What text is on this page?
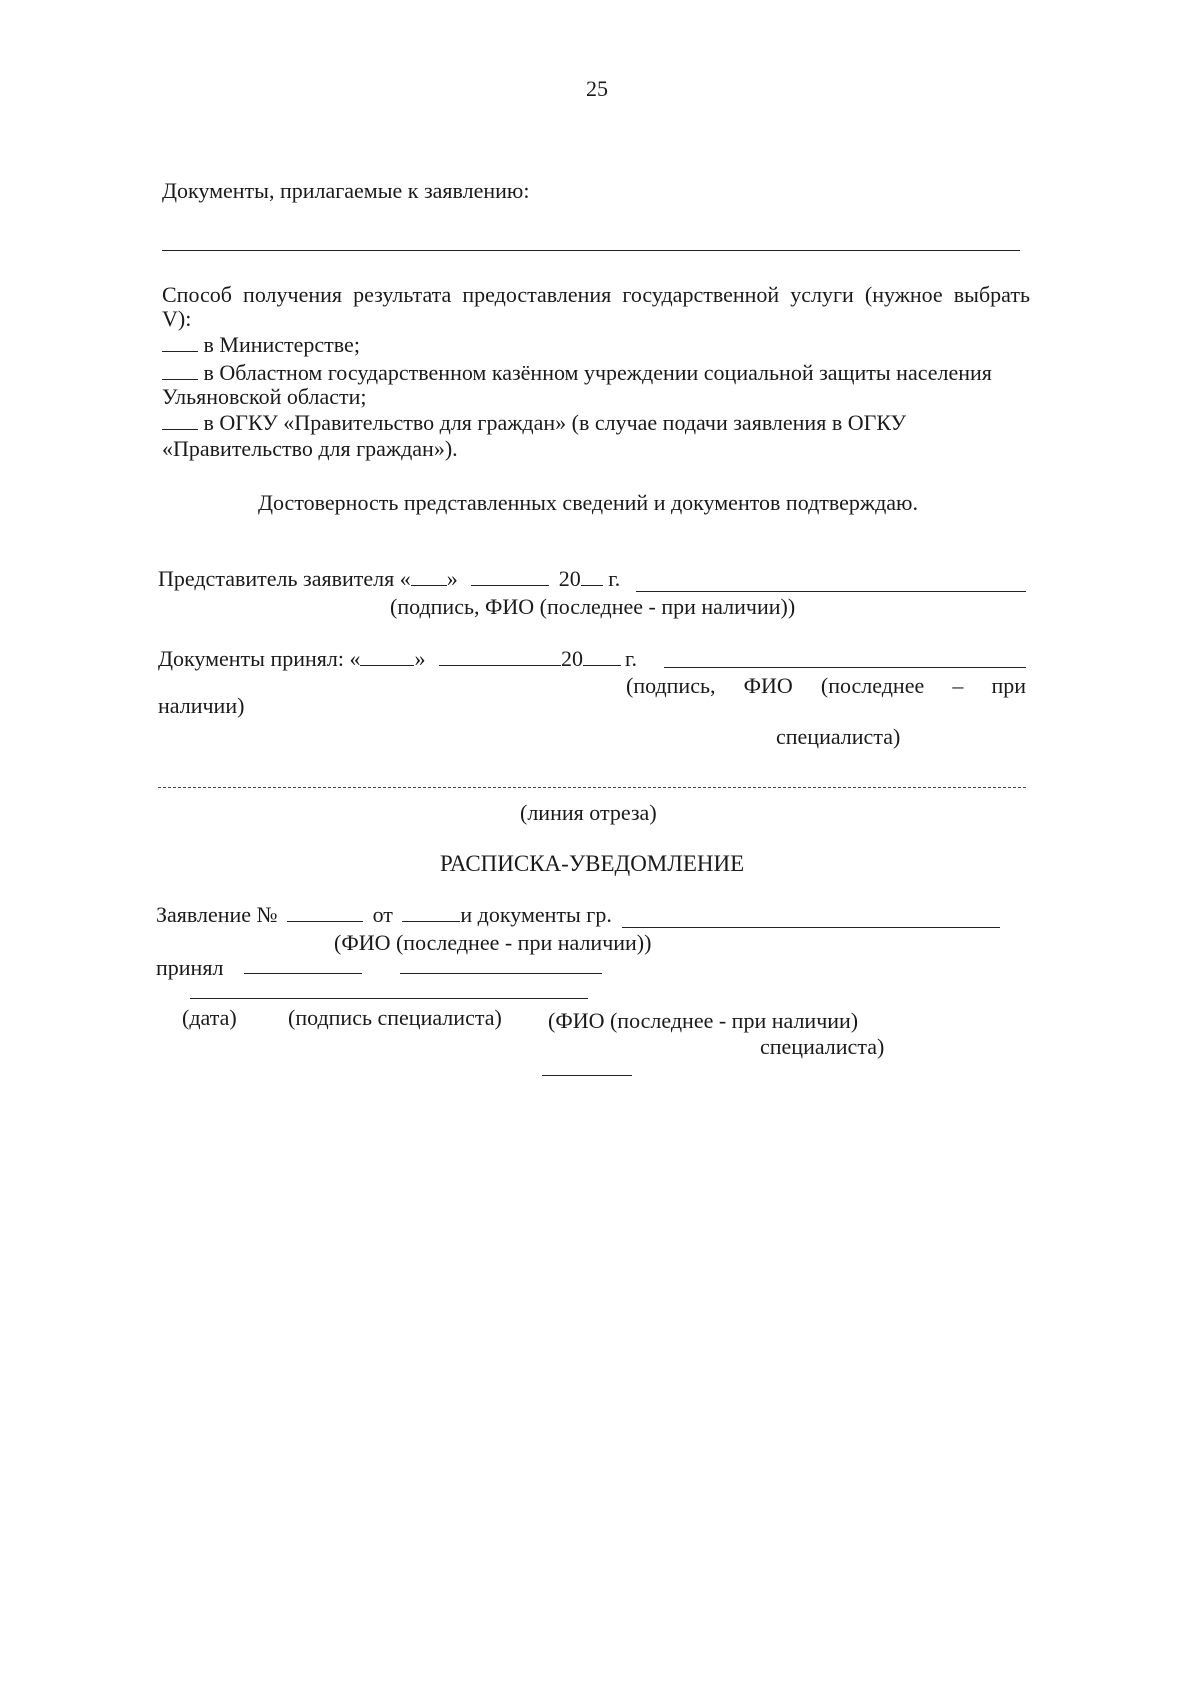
25
Документы, прилагаемые к заявлению:
Способ получения результата предоставления государственной услуги (нужное выбрать
V):
в Министерстве;
в Областном государственном казённом учреждении социальной защиты населения
Ульяновской области;
в ОГКУ «Правительство для граждан» (в случае подачи заявления в ОГКУ
«Правительство для граждан»).
Достоверность представленных сведений и документов подтверждаю.
Представитель заявителя « »	20 г.
(подпись, ФИО (последнее - при наличии))
Документы принял: « »	20 г.
(подпись, ФИО (последнее – при
наличии)
специалиста)
(линия отреза)
РАСПИСКА-УВЕДОМЛЕНИЕ
Заявление №	от	и документы гр.
(ФИО (последнее - при наличии))
принял
(дата) (подпись специалиста) (ФИО (последнее - при наличии)
специалиста)
